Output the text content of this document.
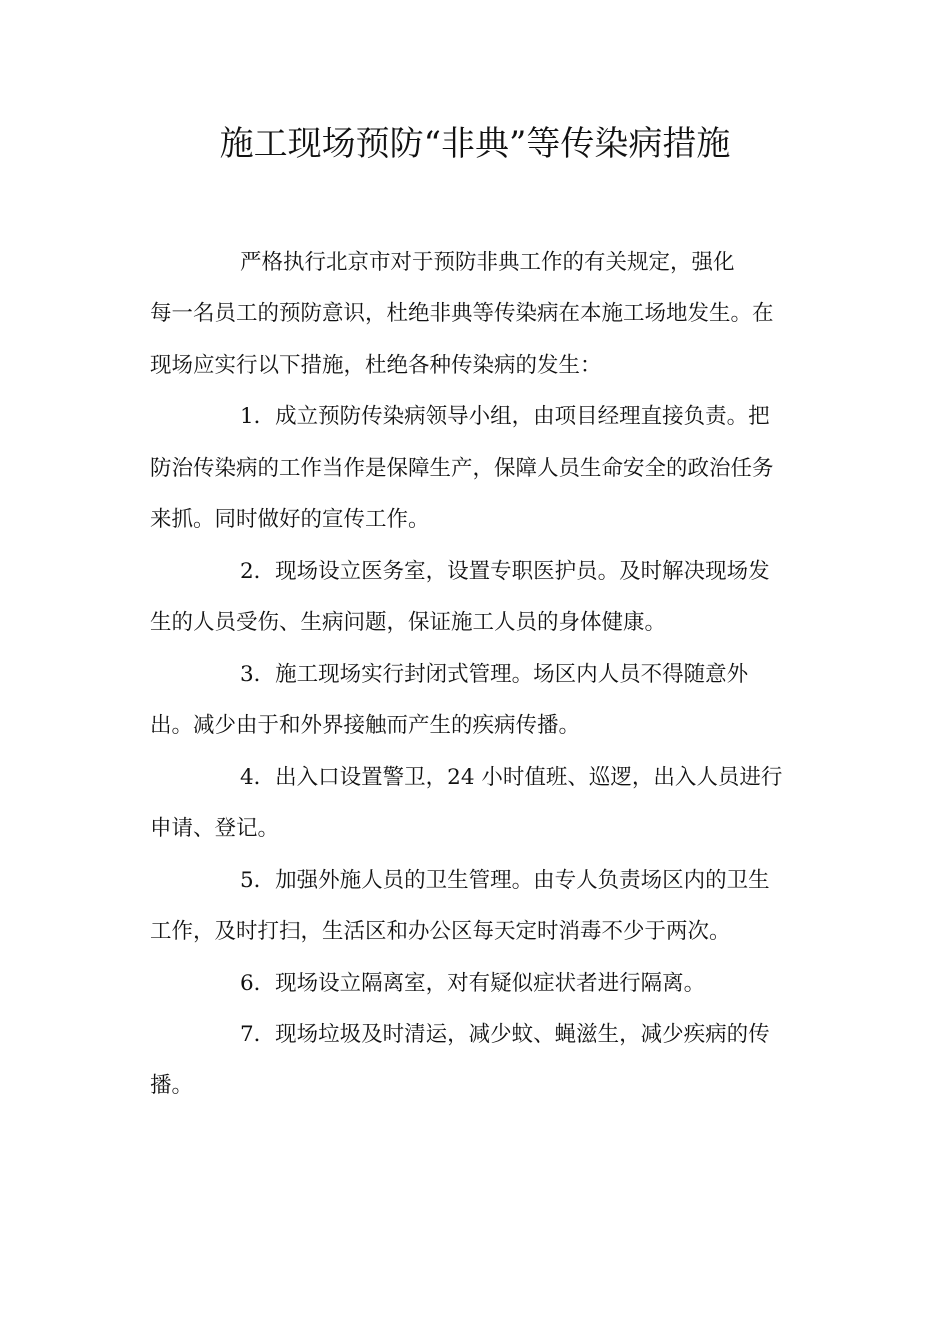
施工现场预防“非典”等传染病措施
严格执行北京市对于预防非典工作的有关规定，强化
每一名员工的预防意识，杜绝非典等传染病在本施工场地发生。在
现场应实行以下措施，杜绝各种传染病的发生：
1．成立预防传染病领导小组，由项目经理直接负责。把
防治传染病的工作当作是保障生产，保障人员生命安全的政治任务
来抓。同时做好的宣传工作。
2．现场设立医务室，设置专职医护员。及时解决现场发
生的人员受伤、生病问题，保证施工人员的身体健康。
3．施工现场实行封闭式管理。场区内人员不得随意外
出。减少由于和外界接触而产生的疾病传播。
4．出入口设置警卫，24 小时值班、巡逻，出入人员进行
申请、登记。
5．加强外施人员的卫生管理。由专人负责场区内的卫生
工作，及时打扫，生活区和办公区每天定时消毒不少于两次。
6．现场设立隔离室，对有疑似症状者进行隔离。
7．现场垃圾及时清运，减少蚊、蝇滋生，减少疾病的传
播。
